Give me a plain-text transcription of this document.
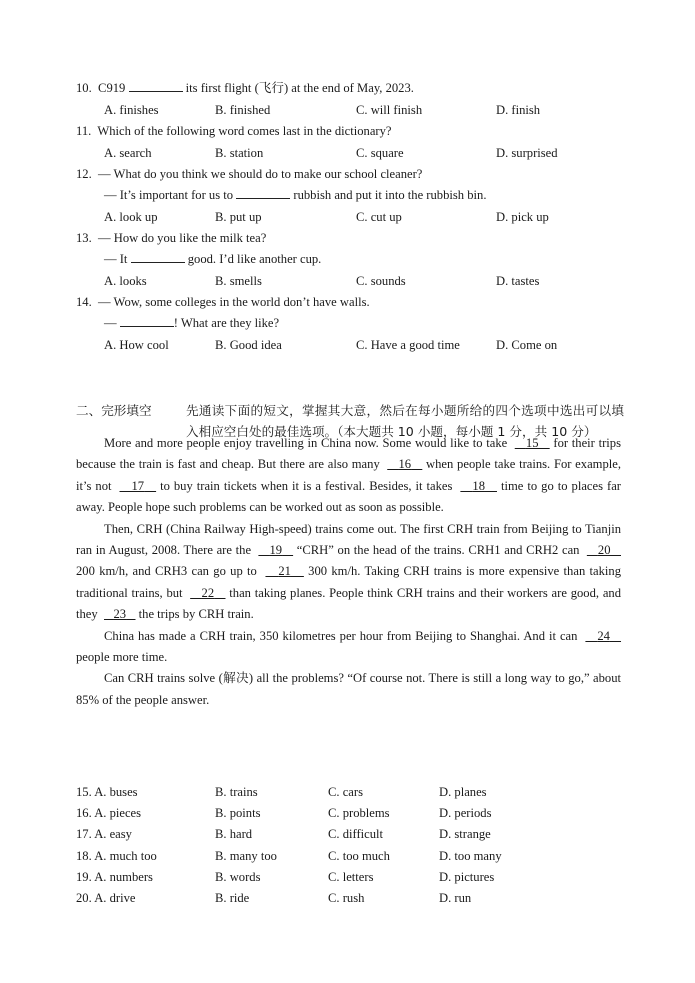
10. C919	its first flight (飞行) at the end of May, 2023.
A. finishes	B. finished	C. will finish	D. finish
11. Which of the following word comes last in the dictionary?
A. search	B. station	C. square	D. surprised
12. — What do you think we should do to make our school cleaner?
— It’s important for us to	rubbish and put it into the rubbish bin.
A. look up	B. put up	C. cut up	D. pick up
13. — How do you like the milk tea?
— It	good. I’d like another cup.
A. looks	B. smells	C. sounds	D. tastes
14. — Wow, some colleges in the world don’t have walls.
—	! What are they like?
A. How cool	B. Good idea	C. Have a good time	D. Come on
二、完形填空	先通读下面的短文，掌握其大意，然后在每小题所给的四个选项中选出可以填入相应空白处的最佳选项。（本大题共 10 小题，每小题 1 分，共 10 分）

More and more people enjoy travelling in China now. Some would like to take     15    for their trips because the train is fast and cheap. But there are also many     16    when people take trains. For example, it’s not     17    to buy train tickets when it is a festival. Besides, it takes     18    time to go to places far away. People hope such problems can be worked out as soon as possible.

Then, CRH (China Railway High-speed) trains come out. The first CRH train from Beijing to Tianjin ran in August, 2008. There are the     19    “CRH” on the head of the trains. CRH1 and CRH2 can     20    200 km/h, and CRH3 can go up to     21    300 km/h. Taking CRH trains is more expensive than taking traditional trains, but     22    than taking planes. People think CRH trains and their workers are good, and they     23    the trips by CRH train.

China has made a CRH train, 350 kilometres per hour from Beijing to Shanghai. And it can     24    people more time.

Can CRH trains solve (解决) all the problems? “Of course not. There is still a long way to go,” about 85% of the people answer.

15. A. buses	B. trains	C. cars	D. planes
16. A. pieces	B. points	C. problems	D. periods
17. A. easy	B. hard	C. difficult	D. strange
18. A. much too	B. many too	C. too much	D. too many
19. A. numbers	B. words	C. letters	D. pictures
20. A. drive	B. ride	C. rush	D. run
